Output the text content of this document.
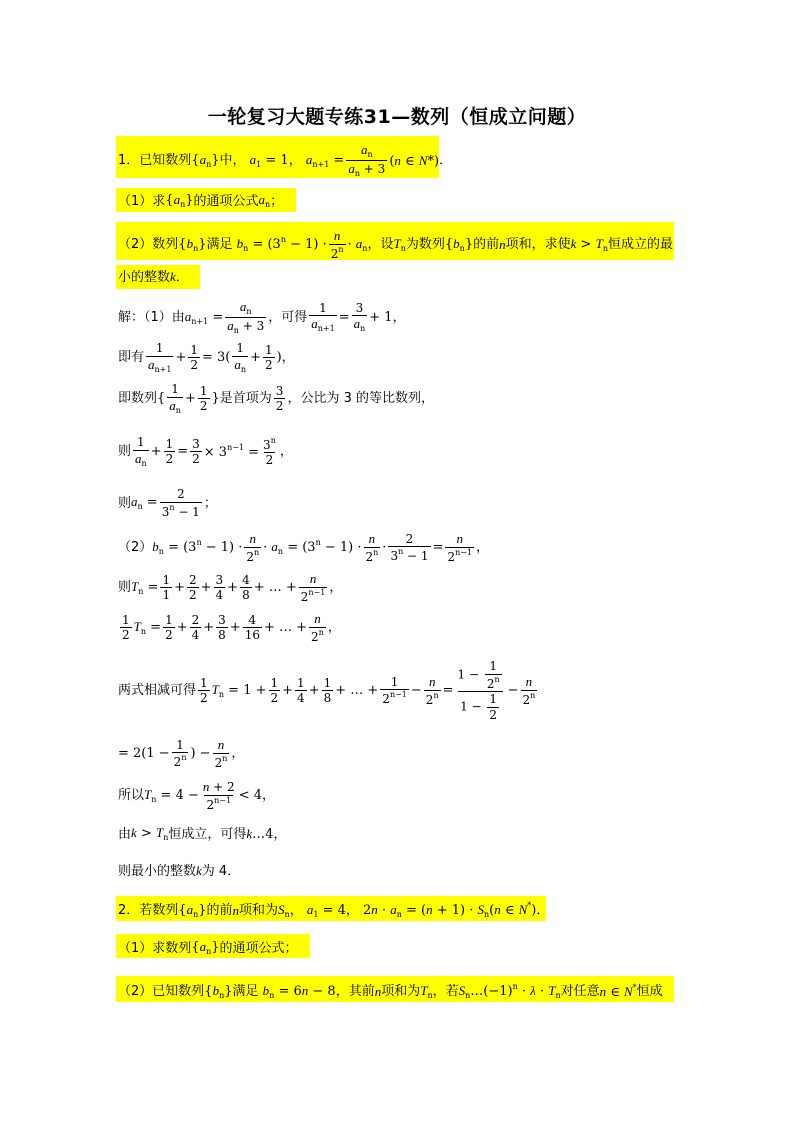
一轮复习大题专练31—数列（恒成立问题）
1．已知数列 $\{a_n\}$ 中， $a_1 = 1$ ， $a_{n+1} = \frac{a_n}{a_n + 3} (n$ ∈ N*) ．
（1）求 $\{a_n\}$ 的通项公式 $a_n$ ；
（2）数列 $\{b_n\}$ 满足 $b_n = (3^n - 1) \cdot \frac{n}{2^n} \cdot a_n$ ，设 $T_n$ 为数列 $\{b_n\}$ 的前 n 项和，求使 $k > T_n$ 恒成立的最
小的整数 k ．
解：（1）由 $a_{n+1} = \frac{a_n}{a_n + 3}$ ，可得 $\frac{1}{a_{n+1}} = \frac{3}{a_n} + 1$ ，
即有 $\frac{1}{a_{n+1}} + \frac{1}{2} = 3( \frac{1}{a_n} + \frac{1}{2}$ ) ，
即数列 { $\frac{1}{a_n} + \frac{1}{2}$ } 是首项为 $\frac{3}{2}$ ，公比为 3 的等比数列，
则 $\frac{1}{a_n} + \frac{1}{2} = \frac{3}{2} \times 3^{n-1} = \frac{3^n}{2}$ ，
则 $a_n = \frac{2}{3^n - 1}$ ；
（2） $b_n = (3^n - 1) \cdot \frac{n}{2^n} \cdot a_n = (3^n - 1) \cdot \frac{n}{2^n} \cdot \frac{2}{3^n - 1} = \frac{n}{2^{n-1}}$ ，
则 $T_n = \frac{1}{1} + \frac{2}{2} + \frac{3}{4} + \frac{4}{8}$ + … + $\frac{n}{2^{n-1}}$ ，
$\frac{1}{2} T_n = \frac{1}{2} + \frac{2}{4} + \frac{3}{8} + \frac{4}{16}$ + … + $\frac{n}{2^n}$ ，
两式相减可得 $\frac{1}{2} T_n = 1 + \frac{1}{2} + \frac{1}{4} + \frac{1}{8}$ + … + $\frac{1}{2^{n-1}} - \frac{n}{2^n} = \frac{1 - \frac{1}{2^n}}{1 - \frac{1}{2}} - \frac{n}{2^n}$
= $2(1 - \frac{1}{2^n}$ ) − $\frac{n}{2^n}$ ，
所以 $T_n = 4 - \frac{n + 2}{2^{n-1}} < 4$ ，
由 $k > T_n$ 恒成立，可得 k…4 ，
则最小的整数 k 为 4．
2．若数列 $\{a_n\}$ 的前 n 项和为 $S_n$ ， $a_1 = 4$ ， $2n \cdot a_n = (n + 1) \cdot S_n(n$ ∈ N*) ．
（1）求数列 $\{a_n\}$ 的通项公式；
（2）已知数列 $\{b_n\}$ 满足 $b_n = 6n - 8$ ，其前 n 项和为 $T_n$ ，若 $S_n\dots(-1)^n \cdot \lambda \cdot T_n$ 对任意 n ∈ N* 恒成
